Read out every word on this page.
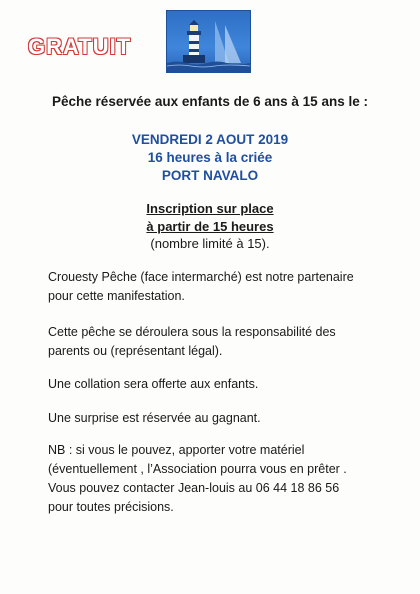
GRATUIT
Pêche réservée aux enfants de 6 ans à 15 ans le :
VENDREDI 2 AOUT 2019
16 heures à la criée
PORT NAVALO
Inscription sur place
à partir de 15 heures
(nombre limité à 15).
Crouesty Pêche (face intermarché) est notre partenaire
pour cette manifestation.
Cette pêche se déroulera sous la responsabilité des
parents ou (représentant légal).
Une collation sera offerte aux enfants.
Une surprise est réservée au gagnant.
NB : si vous le pouvez, apporter votre matériel
(éventuellement , l’Association pourra vous en prêter .
Vous pouvez contacter Jean-louis au 06 44 18 86 56
pour toutes précisions.
